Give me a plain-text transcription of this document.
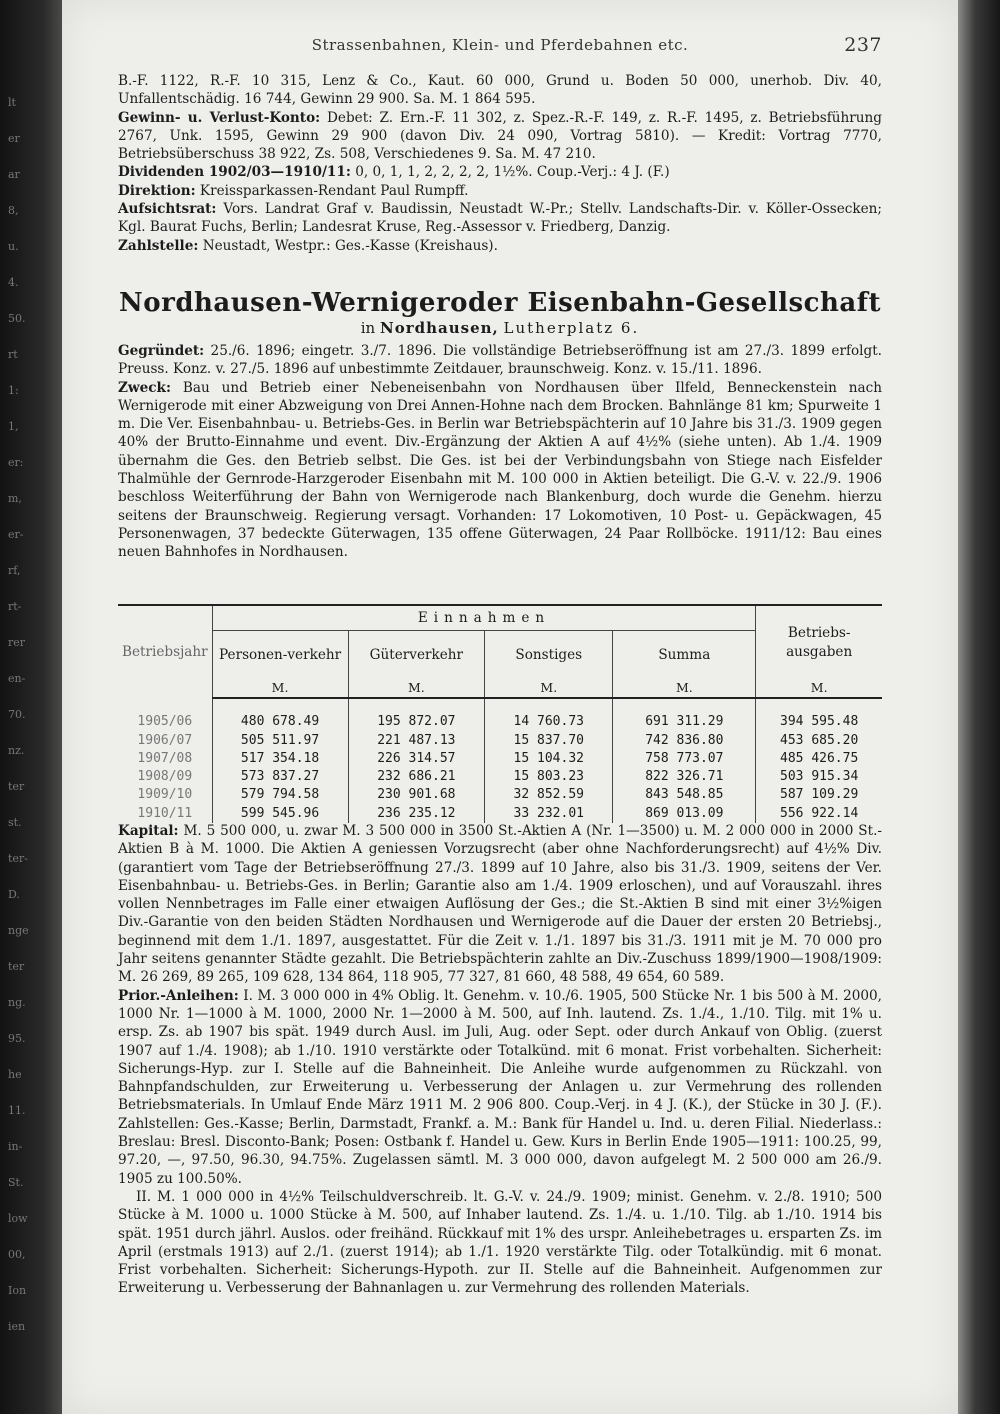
lt
er
ar
8,
u.
4.
50.
rt
1:
1,
er:
m,
er-
rf,
rt-
rer
en-
70.
nz.
ter
st.
ter-
D.
nge
ter
ng.
95.
he
11.
in-
St.
low
00,
Ion
ien
Strassenbahnen, Klein- und Pferdebahnen etc.	237

B.-F. 1122, R.-F. 10 315, Lenz & Co., Kaut. 60 000, Grund u. Boden 50 000, unerhob. Div. 40, Unfallentschädig. 16 744, Gewinn 29 900. Sa. M. 1 864 595.

Gewinn- u. Verlust-Konto: Debet: Z. Ern.-F. 11 302, z. Spez.-R.-F. 149, z. R.-F. 1495, z. Betriebsführung 2767, Unk. 1595, Gewinn 29 900 (davon Div. 24 090, Vortrag 5810). — Kredit: Vortrag 7770, Betriebsüberschuss 38 922, Zs. 508, Verschiedenes 9. Sa. M. 47 210.

Dividenden 1902/03—1910/11: 0, 0, 1, 1, 2, 2, 2, 2, 1½%. Coup.-Verj.: 4 J. (F.)

Direktion: Kreissparkassen-Rendant Paul Rumpff.

Aufsichtsrat: Vors. Landrat Graf v. Baudissin, Neustadt W.-Pr.; Stellv. Landschafts-Dir. v. Köller-Ossecken; Kgl. Baurat Fuchs, Berlin; Landesrat Kruse, Reg.-Assessor v. Friedberg, Danzig.

Zahlstelle: Neustadt, Westpr.: Ges.-Kasse (Kreishaus).

Nordhausen-Wernigeroder Eisenbahn-Gesellschaft

in Nordhausen, Lutherplatz 6.

Gegründet: 25./6. 1896; eingetr. 3./7. 1896. Die vollständige Betriebseröffnung ist am 27./3. 1899 erfolgt. Preuss. Konz. v. 27./5. 1896 auf unbestimmte Zeitdauer, braunschweig. Konz. v. 15./11. 1896.

Zweck: Bau und Betrieb einer Nebeneisenbahn von Nordhausen über Ilfeld, Benneckenstein nach Wernigerode mit einer Abzweigung von Drei Annen-Hohne nach dem Brocken. Bahnlänge 81 km; Spurweite 1 m. Die Ver. Eisenbahnbau- u. Betriebs-Ges. in Berlin war Betriebspächterin auf 10 Jahre bis 31./3. 1909 gegen 40% der Brutto-Einnahme und event. Div.-Ergänzung der Aktien A auf 4½% (siehe unten). Ab 1./4. 1909 übernahm die Ges. den Betrieb selbst. Die Ges. ist bei der Verbindungsbahn von Stiege nach Eisfelder Thalmühle der Gernrode-Harzgeroder Eisenbahn mit M. 100 000 in Aktien beteiligt. Die G.-V. v. 22./9. 1906 beschloss Weiterführung der Bahn von Wernigerode nach Blankenburg, doch wurde die Genehm. hierzu seitens der Braunschweig. Regierung versagt. Vorhanden: 17 Lokomotiven, 10 Post- u. Gepäckwagen, 45 Personenwagen, 37 bedeckte Güterwagen, 135 offene Güterwagen, 24 Paar Rollböcke. 1911/12: Bau eines neuen Bahnhofes in Nordhausen.

Betriebsjahr	Einnahmen				Betriebs-ausgaben
	Personen-verkehr	Güterverkehr	Sonstiges	Summa	
	M.	M.	M.	M.	M.
1905/06	480 678.49	195 872.07	14 760.73	691 311.29	394 595.48
1906/07	505 511.97	221 487.13	15 837.70	742 836.80	453 685.20
1907/08	517 354.18	226 314.57	15 104.32	758 773.07	485 426.75
1908/09	573 837.27	232 686.21	15 803.23	822 326.71	503 915.34
1909/10	579 794.58	230 901.68	32 852.59	843 548.85	587 109.29
1910/11	599 545.96	236 235.12	33 232.01	869 013.09	556 922.14

Kapital: M. 5 500 000, u. zwar M. 3 500 000 in 3500 St.-Aktien A (Nr. 1—3500) u. M. 2 000 000 in 2000 St.-Aktien B à M. 1000. Die Aktien A geniessen Vorzugsrecht (aber ohne Nachforderungsrecht) auf 4½% Div. (garantiert vom Tage der Betriebseröffnung 27./3. 1899 auf 10 Jahre, also bis 31./3. 1909, seitens der Ver. Eisenbahnbau- u. Betriebs-Ges. in Berlin; Garantie also am 1./4. 1909 erloschen), und auf Vorauszahl. ihres vollen Nennbetrages im Falle einer etwaigen Auflösung der Ges.; die St.-Aktien B sind mit einer 3½%igen Div.-Garantie von den beiden Städten Nordhausen und Wernigerode auf die Dauer der ersten 20 Betriebsj., beginnend mit dem 1./1. 1897, ausgestattet. Für die Zeit v. 1./1. 1897 bis 31./3. 1911 mit je M. 70 000 pro Jahr seitens genannter Städte gezahlt. Die Betriebspächterin zahlte an Div.-Zuschuss 1899/1900—1908/1909: M. 26 269, 89 265, 109 628, 134 864, 118 905, 77 327, 81 660, 48 588, 49 654, 60 589.

Prior.-Anleihen: I. M. 3 000 000 in 4% Oblig. lt. Genehm. v. 10./6. 1905, 500 Stücke Nr. 1 bis 500 à M. 2000, 1000 Nr. 1—1000 à M. 1000, 2000 Nr. 1—2000 à M. 500, auf Inh. lautend. Zs. 1./4., 1./10. Tilg. mit 1% u. ersp. Zs. ab 1907 bis spät. 1949 durch Ausl. im Juli, Aug. oder Sept. oder durch Ankauf von Oblig. (zuerst 1907 auf 1./4. 1908); ab 1./10. 1910 verstärkte oder Totalkünd. mit 6 monat. Frist vorbehalten. Sicherheit: Sicherungs-Hyp. zur I. Stelle auf die Bahneinheit. Die Anleihe wurde aufgenommen zu Rückzahl. von Bahnpfandschulden, zur Erweiterung u. Verbesserung der Anlagen u. zur Vermehrung des rollenden Betriebsmaterials. In Umlauf Ende März 1911 M. 2 906 800. Coup.-Verj. in 4 J. (K.), der Stücke in 30 J. (F.). Zahlstellen: Ges.-Kasse; Berlin, Darmstadt, Frankf. a. M.: Bank für Handel u. Ind. u. deren Filial. Niederlass.: Breslau: Bresl. Disconto-Bank; Posen: Ostbank f. Handel u. Gew. Kurs in Berlin Ende 1905—1911: 100.25, 99, 97.20, —, 97.50, 96.30, 94.75%. Zugelassen sämtl. M. 3 000 000, davon aufgelegt M. 2 500 000 am 26./9. 1905 zu 100.50%.

II. M. 1 000 000 in 4½% Teilschuldverschreib. lt. G.-V. v. 24./9. 1909; minist. Genehm. v. 2./8. 1910; 500 Stücke à M. 1000 u. 1000 Stücke à M. 500, auf Inhaber lautend. Zs. 1./4. u. 1./10. Tilg. ab 1./10. 1914 bis spät. 1951 durch jährl. Auslos. oder freihänd. Rückkauf mit 1% des urspr. Anleihebetrages u. ersparten Zs. im April (erstmals 1913) auf 2./1. (zuerst 1914); ab 1./1. 1920 verstärkte Tilg. oder Totalkündig. mit 6 monat. Frist vorbehalten. Sicherheit: Sicherungs-Hypoth. zur II. Stelle auf die Bahneinheit. Aufgenommen zur Erweiterung u. Verbesserung der Bahnanlagen u. zur Vermehrung des rollenden Materials.
